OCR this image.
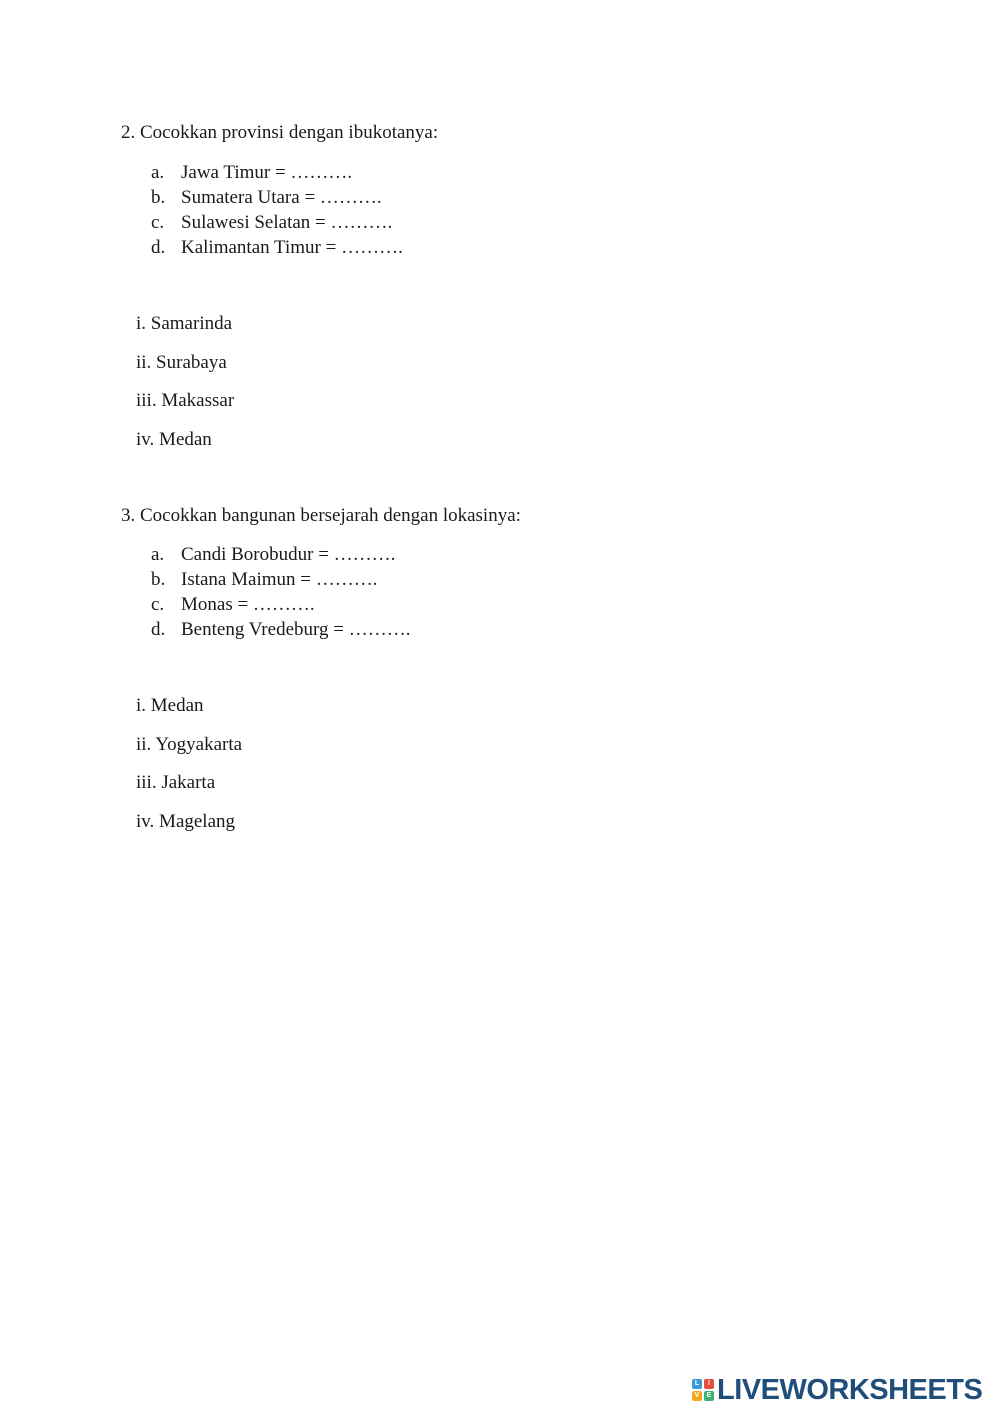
2. Cocokkan provinsi dengan ibukotanya:
a. Jawa Timur = ……….
b. Sumatera Utara = ……….
c. Sulawesi Selatan = ……….
d. Kalimantan Timur = ……….
i. Samarinda
ii. Surabaya
iii. Makassar
iv. Medan
3. Cocokkan bangunan bersejarah dengan lokasinya:
a. Candi Borobudur = ……….
b. Istana Maimun = ……….
c. Monas = ……….
d. Benteng Vredeburg = ……….
i. Medan
ii. Yogyakarta
iii. Jakarta
iv. Magelang
L	I
V	E LIVEWORKSHEETS
